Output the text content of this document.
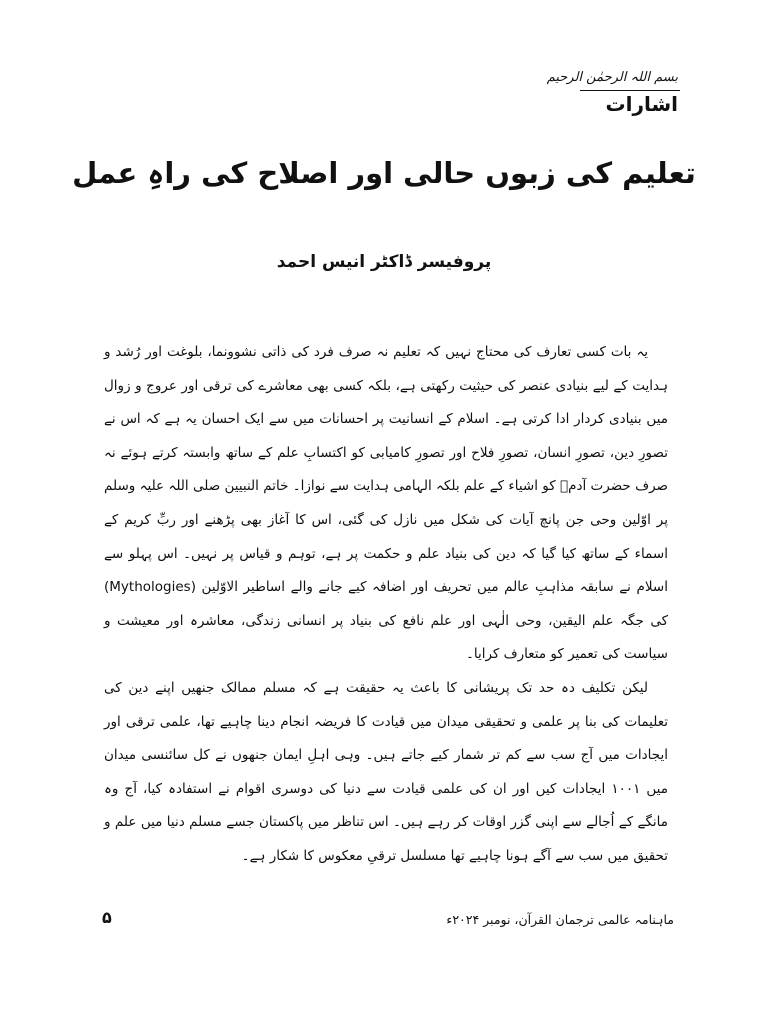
بسم اللہ الرحمٰن الرحیم
اشارات
تعلیم کی زبوں حالی اور اصلاح کی راہِ عمل
پروفیسر ڈاکٹر انیس احمد

یہ بات کسی تعارف کی محتاج نہیں کہ تعلیم نہ صرف فرد کی ذاتی نشوونما، بلوغت اور رُشد و ہدایت کے لیے بنیادی عنصر کی حیثیت رکھتی ہے، بلکہ کسی بھی معاشرے کی ترقی اور عروج و زوال میں بنیادی کردار ادا کرتی ہے۔ اسلام کے انسانیت پر احسانات میں سے ایک احسان یہ ہے کہ اس نے تصورِ دین، تصورِ انسان، تصورِ فلاح اور تصورِ کامیابی کو اکتسابِ علم کے ساتھ وابستہ کرتے ہوئے نہ صرف حضرت آدمؑ کو اشیاء کے علم بلکہ الہامی ہدایت سے نوازا۔ خاتم النبیین صلی اللہ علیہ وسلم پر اوّلین وحی جن پانچ آیات کی شکل میں نازل کی گئی، اس کا آغاز بھی پڑھنے اور ربِّ کریم کے اسماء کے ساتھ کیا گیا کہ دین کی بنیاد علم و حکمت پر ہے، توہم و قیاس پر نہیں۔ اس پہلو سے اسلام نے سابقہ مذاہبِ عالم میں تحریف اور اضافہ کیے جانے والے اساطیر الاوّلین (Mythologies) کی جگہ علم الیقین، وحی الٰہی اور علم نافع کی بنیاد پر انسانی زندگی، معاشرہ اور معیشت و سیاست کی تعمیر کو متعارف کرایا۔

لیکن تکلیف دہ حد تک پریشانی کا باعث یہ حقیقت ہے کہ مسلم ممالک جنھیں اپنے دین کی تعلیمات کی بنا پر علمی و تحقیقی میدان میں قیادت کا فریضہ انجام دینا چاہیے تھا، علمی ترقی اور ایجادات میں آج سب سے کم تر شمار کیے جاتے ہیں۔ وہی اہلِ ایمان جنھوں نے کل سائنسی میدان میں ۱۰۰۱ ایجادات کیں اور ان کی علمی قیادت سے دنیا کی دوسری اقوام نے استفادہ کیا، آج وہ مانگے کے اُجالے سے اپنی گزر اوقات کر رہے ہیں۔ اس تناظر میں پاکستان جسے مسلم دنیا میں علم و تحقیق میں سب سے آگے ہونا چاہیے تھا مسلسل ترقیِ معکوس کا شکار ہے۔

۵	ماہنامہ عالمی ترجمان القرآن، نومبر ۲۰۲۴ء
